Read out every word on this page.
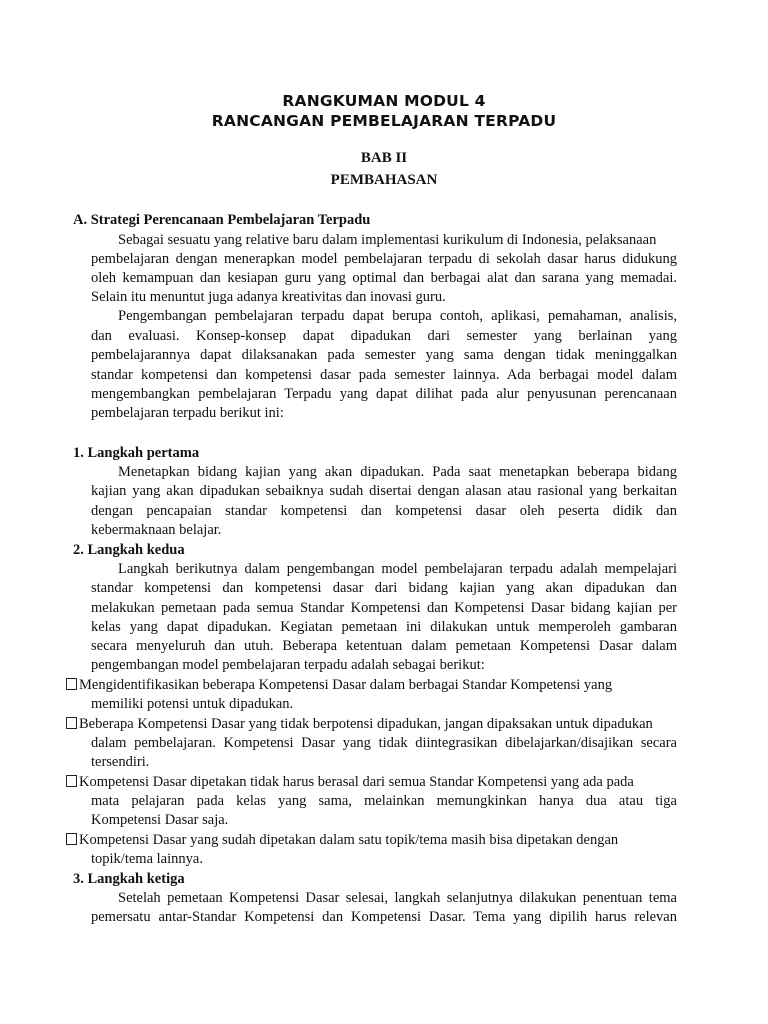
RANGKUMAN MODUL 4
RANCANGAN PEMBELAJARAN TERPADU
BAB II
PEMBAHASAN
A. Strategi Perencanaan Pembelajaran Terpadu
Sebagai sesuatu yang relative baru dalam implementasi kurikulum di Indonesia, pelaksanaan
pembelajaran dengan menerapkan model pembelajaran terpadu di sekolah dasar harus didukung
oleh kemampuan dan kesiapan guru yang optimal dan berbagai alat dan sarana yang memadai.
Selain itu menuntut juga adanya kreativitas dan inovasi guru.
Pengembangan pembelajaran terpadu dapat berupa contoh, aplikasi, pemahaman, analisis,
dan evaluasi. Konsep-konsep dapat dipadukan dari semester yang berlainan yang
pembelajarannya dapat dilaksanakan pada semester yang sama dengan tidak meninggalkan
standar kompetensi dan kompetensi dasar pada semester lainnya. Ada berbagai model dalam
mengembangkan pembelajaran Terpadu yang dapat dilihat pada alur penyusunan perencanaan
pembelajaran terpadu berikut ini:
1. Langkah pertama
Menetapkan bidang kajian yang akan dipadukan. Pada saat menetapkan beberapa bidang
kajian yang akan dipadukan sebaiknya sudah disertai dengan alasan atau rasional yang berkaitan
dengan pencapaian standar kompetensi dan kompetensi dasar oleh peserta didik dan
kebermaknaan belajar.
2. Langkah kedua
Langkah berikutnya dalam pengembangan model pembelajaran terpadu adalah mempelajari
standar kompetensi dan kompetensi dasar dari bidang kajian yang akan dipadukan dan
melakukan pemetaan pada semua Standar Kompetensi dan Kompetensi Dasar bidang kajian per
kelas yang dapat dipadukan. Kegiatan pemetaan ini dilakukan untuk memperoleh gambaran
secara menyeluruh dan utuh. Beberapa ketentuan dalam pemetaan Kompetensi Dasar dalam
pengembangan model pembelajaran terpadu adalah sebagai berikut:
Mengidentifikasikan beberapa Kompetensi Dasar dalam berbagai Standar Kompetensi yang
memiliki potensi untuk dipadukan.
Beberapa Kompetensi Dasar yang tidak berpotensi dipadukan, jangan dipaksakan untuk dipadukan
dalam pembelajaran. Kompetensi Dasar yang tidak diintegrasikan dibelajarkan/disajikan secara
tersendiri.
Kompetensi Dasar dipetakan tidak harus berasal dari semua Standar Kompetensi yang ada pada
mata pelajaran pada kelas yang sama, melainkan memungkinkan hanya dua atau tiga
Kompetensi Dasar saja.
Kompetensi Dasar yang sudah dipetakan dalam satu topik/tema masih bisa dipetakan dengan
topik/tema lainnya.
3. Langkah ketiga
Setelah pemetaan Kompetensi Dasar selesai, langkah selanjutnya dilakukan penentuan tema
pemersatu antar-Standar Kompetensi dan Kompetensi Dasar. Tema yang dipilih harus relevan
